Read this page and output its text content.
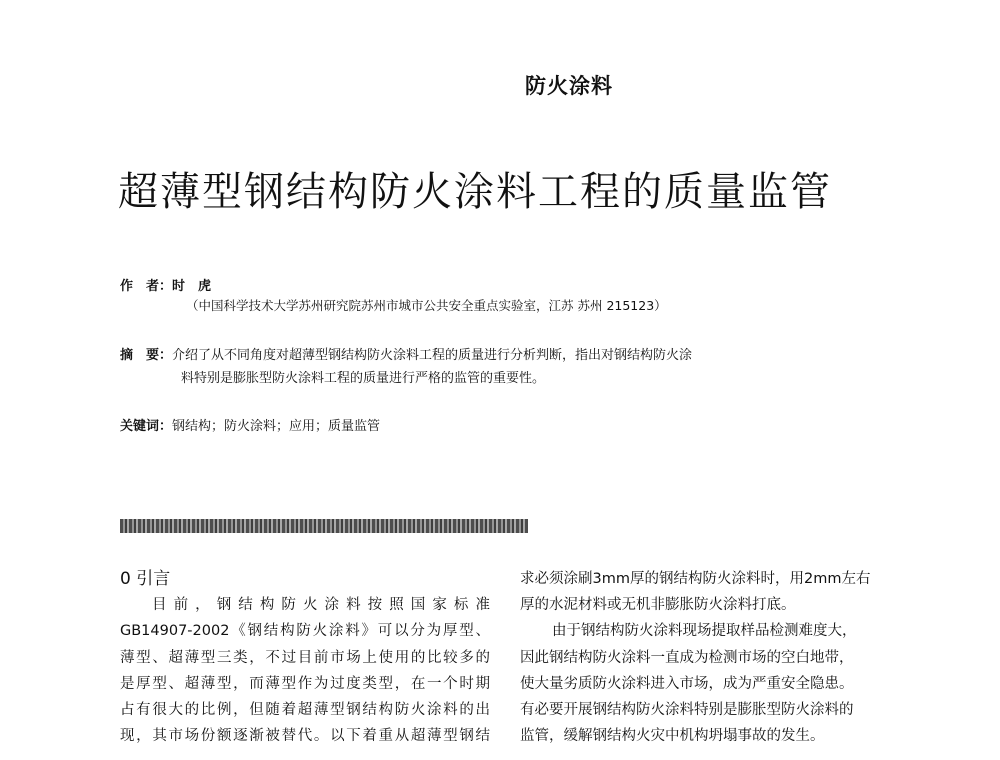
防火涂料
超薄型钢结构防火涂料工程的质量监管
作　者：时　虎
（中国科学技术大学苏州研究院苏州市城市公共安全重点实验室，江苏 苏州 215123）
摘　要：介绍了从不同角度对超薄型钢结构防火涂料工程的质量进行分析判断，指出对钢结构防火涂
料特别是膨胀型防火涂料工程的质量进行严格的监管的重要性。
关键词：钢结构；防火涂料；应用；质量监管
0 引言
目前，钢结构防火涂料按照国家标准
GB14907-2002《钢结构防火涂料》可以分为厚型、
薄型、超薄型三类，不过目前市场上使用的比较多的
是厚型、超薄型，而薄型作为过度类型，在一个时期
占有很大的比例，但随着超薄型钢结构防火涂料的出
现，其市场份额逐渐被替代。以下着重从超薄型钢结
求必须涂刷3mm厚的钢结构防火涂料时，用2mm左右
厚的水泥材料或无机非膨胀防火涂料打底。
由于钢结构防火涂料现场提取样品检测难度大，
因此钢结构防火涂料一直成为检测市场的空白地带，
使大量劣质防火涂料进入市场，成为严重安全隐患。
有必要开展钢结构防火涂料特别是膨胀型防火涂料的
监管，缓解钢结构火灾中机构坍塌事故的发生。
